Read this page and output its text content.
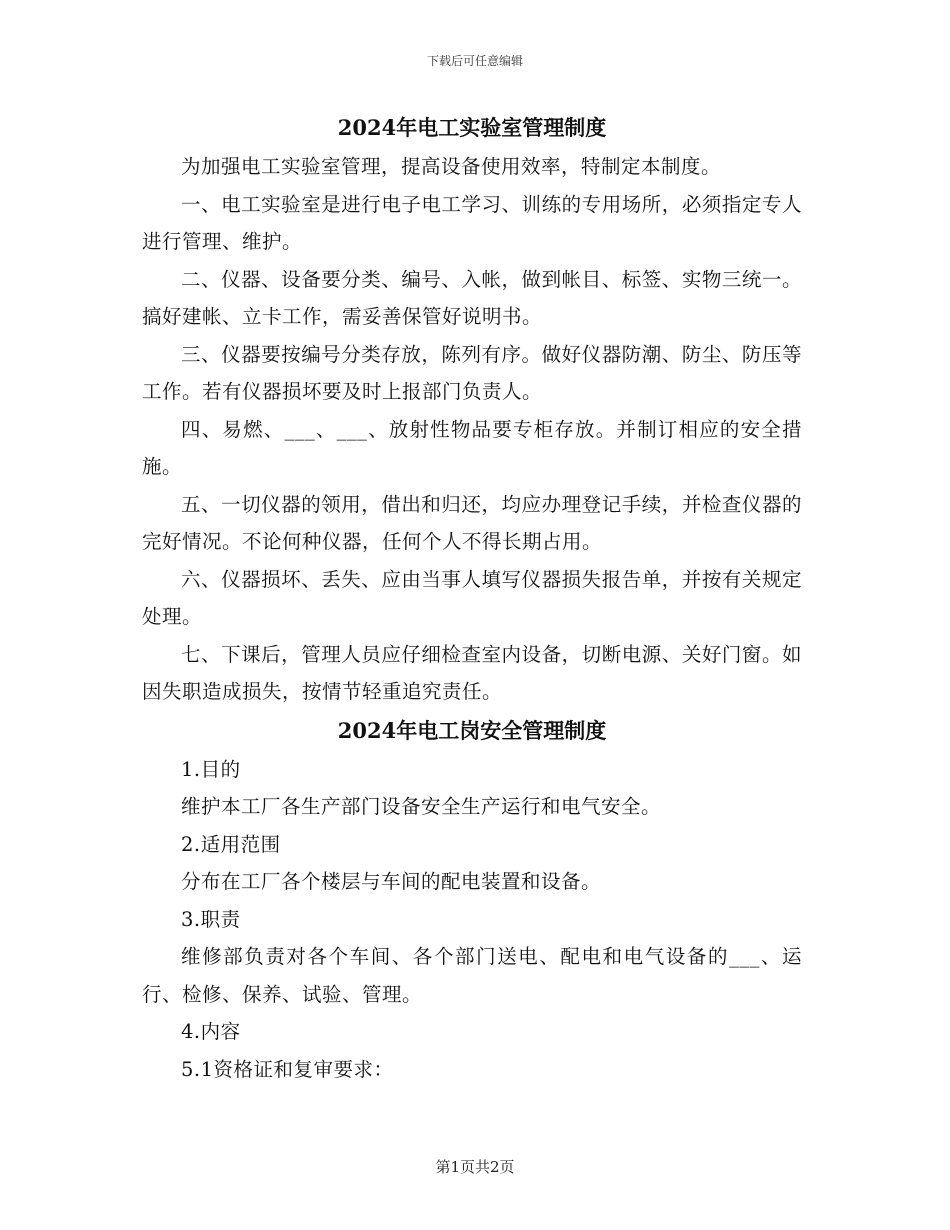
下载后可任意编辑
2024年电工实验室管理制度

为加强电工实验室管理，提高设备使用效率，特制定本制度。

一、电工实验室是进行电子电工学习、训练的专用场所，必须指定专人进行管理、维护。

二、仪器、设备要分类、编号、入帐，做到帐目、标签、实物三统一。搞好建帐、立卡工作，需妥善保管好说明书。

三、仪器要按编号分类存放，陈列有序。做好仪器防潮、防尘、防压等工作。若有仪器损坏要及时上报部门负责人。

四、易燃、___、___、放射性物品要专柜存放。并制订相应的安全措施。

五、一切仪器的领用，借出和归还，均应办理登记手续，并检查仪器的完好情况。不论何种仪器，任何个人不得长期占用。

六、仪器损坏、丢失、应由当事人填写仪器损失报告单，并按有关规定处理。

七、下课后，管理人员应仔细检查室内设备，切断电源、关好门窗。如因失职造成损失，按情节轻重追究责任。

2024年电工岗安全管理制度

1.目的

维护本工厂各生产部门设备安全生产运行和电气安全。

2.适用范围

分布在工厂各个楼层与车间的配电装置和设备。

3.职责

维修部负责对各个车间、各个部门送电、配电和电气设备的___、运行、检修、保养、试验、管理。

4.内容

5.1资格证和复审要求：

第1页共2页
